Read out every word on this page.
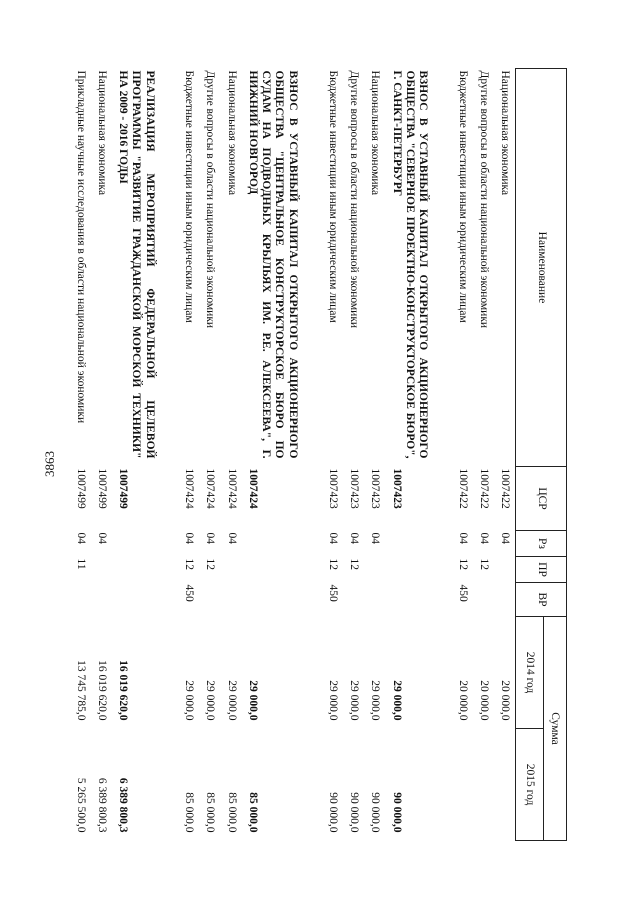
3863
Наименование	ЦСР	Рз	ПР	ВР	Сумма	
					2014 год	2015 год
Национальная экономика	1007422	04			20 000,0	
Другие вопросы в области национальной экономики	1007422	04	12		20 000,0	
Бюджетные инвестиции иным юридическим лицам	1007422	04	12	450	20 000,0	
ВЗНОС В УСТАВНЫЙ КАПИТАЛ ОТКРЫТОГО АКЦИОНЕРНОГО ОБЩЕСТВА "СЕВЕРНОЕ ПРОЕКТНО-КОНСТРУКТОРСКОЕ БЮРО", Г. САНКТ-ПЕТЕРБУРГ	1007423				29 000,0	90 000,0
Национальная экономика	1007423	04			29 000,0	90 000,0
Другие вопросы в области национальной экономики	1007423	04	12		29 000,0	90 000,0
Бюджетные инвестиции иным юридическим лицам	1007423	04	12	450	29 000,0	90 000,0
ВЗНОС В УСТАВНЫЙ КАПИТАЛ ОТКРЫТОГО АКЦИОНЕРНОГО ОБЩЕСТВА "ЦЕНТРАЛЬНОЕ КОНСТРУКТОРСКОЕ БЮРО ПО СУДАМ НА ПОДВОДНЫХ КРЫЛЬЯХ ИМ. Р.Е. АЛЕКСЕЕВА", Г. НИЖНИЙ НОВГОРОД	1007424				29 000,0	85 000,0
Национальная экономика	1007424	04			29 000,0	85 000,0
Другие вопросы в области национальной экономики	1007424	04	12		29 000,0	85 000,0
Бюджетные инвестиции иным юридическим лицам	1007424	04	12	450	29 000,0	85 000,0
РЕАЛИЗАЦИЯ МЕРОПРИЯТИЙ ФЕДЕРАЛЬНОЙ ЦЕЛЕВОЙ ПРОГРАММЫ "РАЗВИТИЕ ГРАЖДАНСКОЙ МОРСКОЙ ТЕХНИКИ" НА 2009 - 2016 ГОДЫ	1007499				16 019 620,0	6 389 800,3
Национальная экономика	1007499	04			16 019 620,0	6 389 800,3
Прикладные научные исследования в области национальной экономики	1007499	04	11		13 745 785,0	5 265 500,0
